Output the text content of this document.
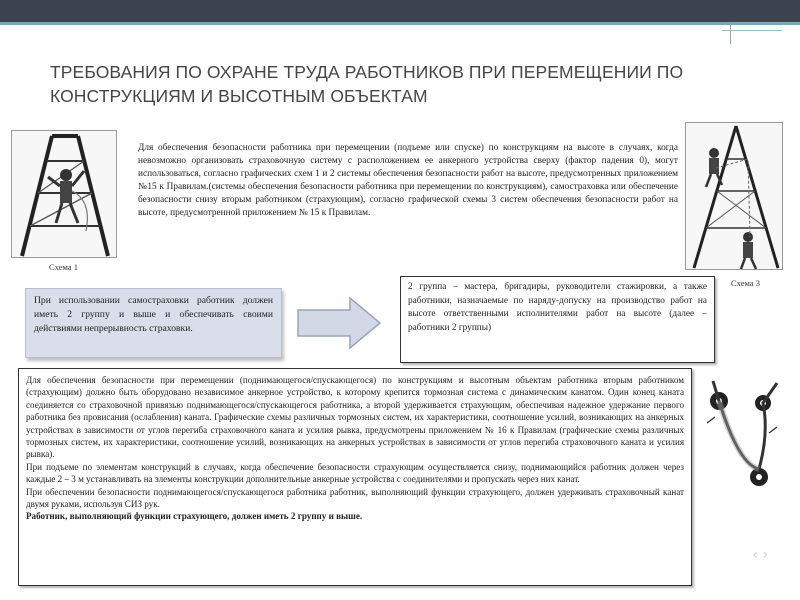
ТРЕБОВАНИЯ ПО ОХРАНЕ ТРУДА РАБОТНИКОВ ПРИ ПЕРЕМЕЩЕНИИ ПО КОНСТРУКЦИЯМ И ВЫСОТНЫМ ОБЪЕКТАМ
Схема 1
Схема 3
Для обеспечения безопасности работника при перемещении (подъеме или спуске) по конструкциям на высоте в случаях, когда невозможно организовать страховочную систему с расположением ее анкерного устройства сверху (фактор падения 0), могут использоваться, согласно графических схем 1 и 2 системы обеспечения безопасности работ на высоте, предусмотренных приложением №15 к Правилам.(системы обеспечения безопасности работника при перемещении по конструкциям), самостраховка или обеспечение безопасности снизу вторым работником (страхующим), согласно графической схемы 3 систем обеспечения безопасности работ на высоте, предусмотренной приложением № 15 к Правилам.
При использовании самостраховки работник должен иметь 2 группу и выше и обеспечивать своими действиями непрерывность страховки.
2 группа – мастера, бригадиры, руководители стажировки, а также работники, назначаемые по наряду-допуску на производство работ на высоте ответственными исполнителями работ на высоте (далее – работники 2 группы)

Для обеспечения безопасности при перемещении (поднимающегося/спускающегося) по конструкциям и высотным объектам работника вторым работником (страхующим) должно быть оборудовано независимое анкерное устройство, к которому крепится тормозная система с динамическим канатом. Один конец каната соединяется со страховочной привязью поднимающегося/спускающегося работника, а второй удерживается страхующим, обеспечивая надежное удержание первого работника без провисания (ослабления) каната. Графические схемы различных тормозных систем, их характеристики, соотношение усилий, возникающих на анкерных устройствах в зависимости от углов перегиба страховочного каната и усилия рывка, предусмотрены приложением № 16 к Правилам (графические схемы различных тормозных систем, их характеристики, соотношение усилий, возникающих на анкерных устройствах в зависимости от углов перегиба страховочного каната и усилия рывка).

При подъеме по элементам конструкций в случаях, когда обеспечение безопасности страхующим осуществляется снизу, поднимающийся работник должен через каждые 2 – 3 м устанавливать на элементы конструкции дополнительные анкерные устройства с соединителями и пропускать через них канат.

При обеспечении безопасности поднимающегося/спускающегося работника работник, выполняющий функции страхующего, должен удерживать страховочный канат двумя руками, используя СИЗ рук.

Работник, выполняющий функции страхующего, должен иметь 2 группу и выше.

‹ ›
